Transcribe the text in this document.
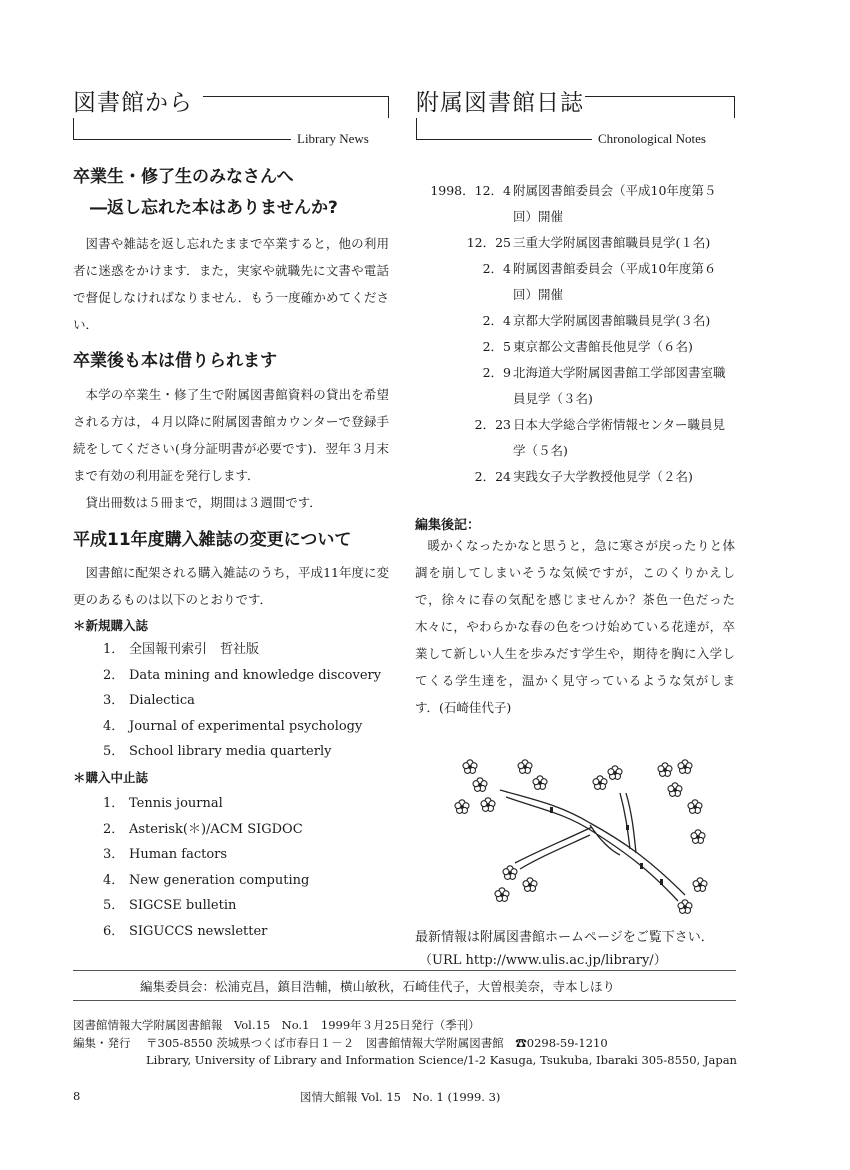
図書館から
Library News
附属図書館日誌
Chronological Notes
卒業生・修了生のみなさんへ
―返し忘れた本はありませんか?

図書や雑誌を返し忘れたままで卒業すると，他の利用者に迷惑をかけます．また，実家や就職先に文書や電話で督促しなければなりません．もう一度確かめてください．

卒業後も本は借りられます

本学の卒業生・修了生で附属図書館資料の貸出を希望される方は，４月以降に附属図書館カウンターで登録手続をしてください(身分証明書が必要です)．翌年３月末まで有効の利用証を発行します．

貸出冊数は５冊まで，期間は３週間です．

平成11年度購入雑誌の変更について

図書館に配架される購入雑誌のうち，平成11年度に変更のあるものは以下のとおりです．

＊新規購入誌
1． 全国報刊索引　哲社版
2． Data mining and knowledge discovery
3． Dialectica
4． Journal of experimental psychology
5． School library media quarterly
＊購入中止誌
1． Tennis journal
2． Asterisk(＊)/ACM SIGDOC
3． Human factors
4． New generation computing
5． SIGCSE bulletin
6． SIGUCCS newsletter
1998．12．4 附属図書館委員会（平成10年度第５回）開催
12．25 三重大学附属図書館職員見学(１名)
2．4 附属図書館委員会（平成10年度第６回）開催
2．4 京都大学附属図書館職員見学(３名)
2．5 東京都公文書館長他見学（６名)
2．9 北海道大学附属図書館工学部図書室職員見学（３名)
2．23 日本大学総合学術情報センター職員見学（５名)
2．24 実践女子大学教授他見学（２名)
編集後記：

暖かくなったかなと思うと，急に寒さが戻ったりと体調を崩してしまいそうな気候ですが，このくりかえしで，徐々に春の気配を感じませんか？茶色一色だった木々に，やわらかな春の色をつけ始めている花達が，卒業して新しい人生を歩みだす学生や，期待を胸に入学してくる学生達を，温かく見守っているような気がします．(石崎佳代子)

最新情報は附属図書館ホームページをご覧下さい．
（URL http://www.ulis.ac.jp/library/）
編集委員会：松浦克昌，鎮目浩輔，横山敏秋，石崎佳代子，大曽根美奈，寺本しほり
図書館情報大学附属図書館報　Vol.15　No.1　1999年３月25日発行（季刊）
編集・発行 〒305-8550 茨城県つくば市春日１－２　図書館情報大学附属図書館　☎0298-59-1210
Library, University of Library and Information Science/1-2 Kasuga, Tsukuba, Ibaraki 305-8550, Japan
8	図情大館報 Vol. 15　No. 1 (1999. 3)
